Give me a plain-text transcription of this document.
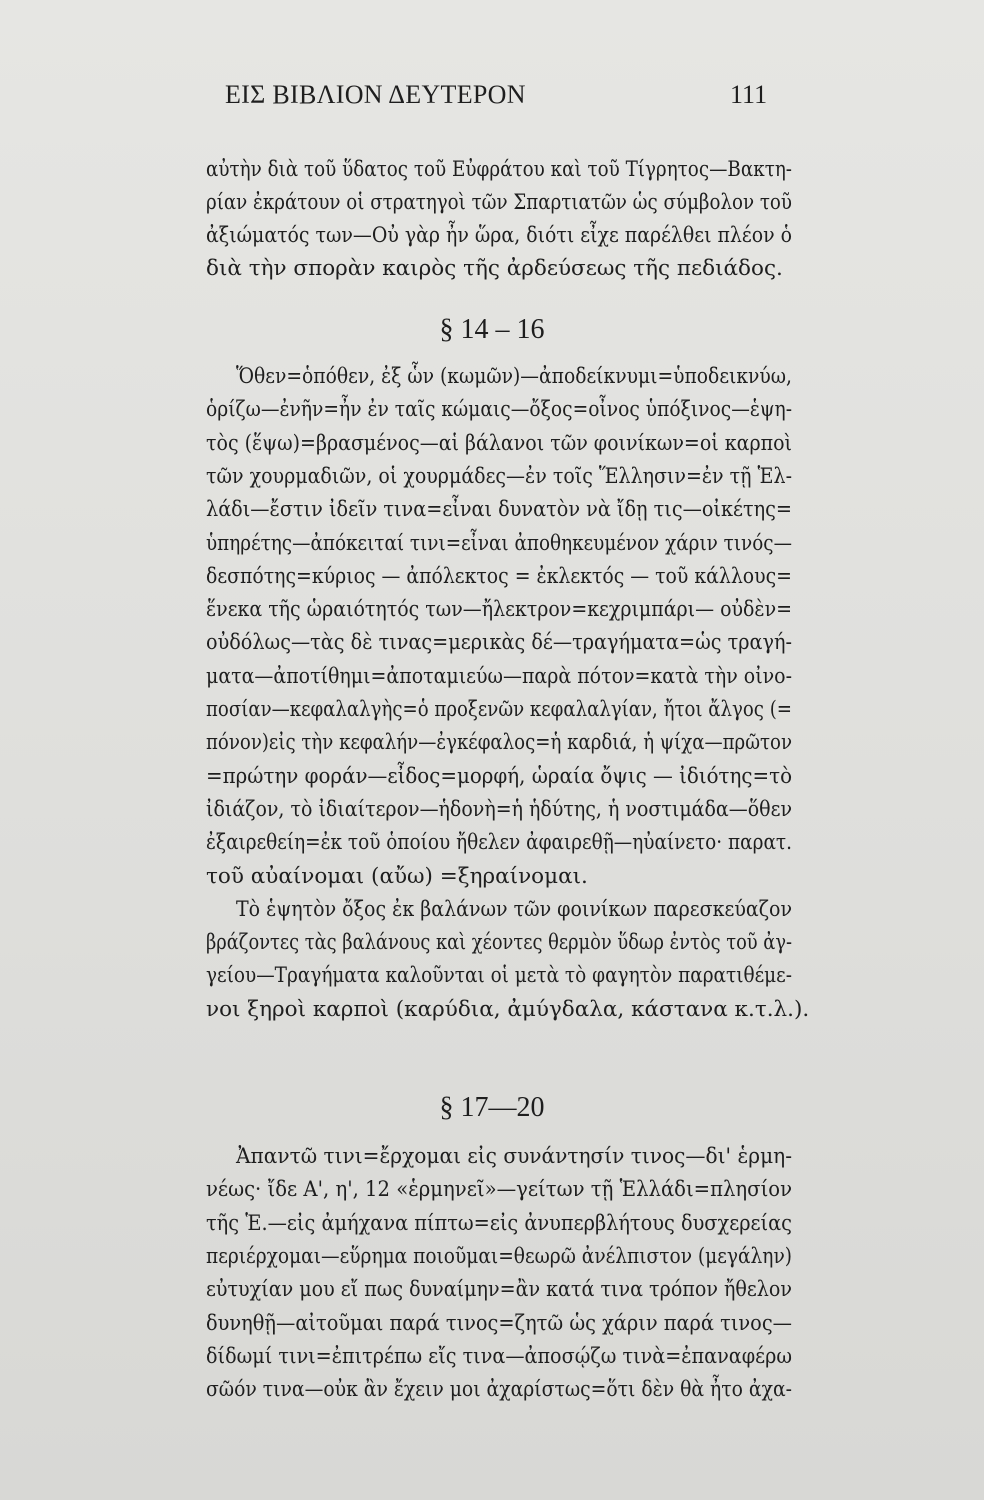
ΕΙΣ ΒΙΒΛΙΟΝ ΔΕΥΤΕΡΟΝ	111
αὐτὴν διὰ τοῦ ὕδατος τοῦ Εὐφράτου καὶ τοῦ Τίγρητος—Βακτη-
ρίαν ἐκράτουν οἱ στρατηγοὶ τῶν Σπαρτιατῶν ὡς σύμβολον τοῦ
ἀξιώματός των—Οὐ γὰρ ἦν ὥρα, διότι εἶχε παρέλθει πλέον ὁ
διὰ τὴν σπορὰν καιρὸς τῆς ἀρδεύσεως τῆς πεδιάδος.
§ 14 – 16
Ὅθεν=ὁπόθεν, ἐξ ὧν (κωμῶν)—ἀποδείκνυμι=ὑποδεικνύω,
ὁρίζω—ἐνῆν=ἦν ἐν ταῖς κώμαις—ὄξος=οἶνος ὑπόξινος—ἑψη-
τὸς (ἕψω)=βρασμένος—αἱ βάλανοι τῶν φοινίκων=οἱ καρποὶ
τῶν χουρμαδιῶν, οἱ χουρμάδες—ἐν τοῖς Ἕλλησιν=ἐν τῇ Ἑλ-
λάδι—ἔστιν ἰδεῖν τινα=εἶναι δυνατὸν νὰ ἴδῃ τις—οἰκέτης=
ὑπηρέτης—ἀπόκειταί τινι=εἶναι ἀποθηκευμένον χάριν τινός—
δεσπότης=κύριος — ἀπόλεκτος = ἐκλεκτός — τοῦ κάλλους=
ἕνεκα τῆς ὡραιότητός των—ἤλεκτρον=κεχριμπάρι— οὐδὲν=
οὐδόλως—τὰς δὲ τινας=μερικὰς δέ—τραγήματα=ὡς τραγή-
ματα—ἀποτίθημι=ἀποταμιεύω—παρὰ πότον=κατὰ τὴν οἰνο-
ποσίαν—κεφαλαλγὴς=ὁ προξενῶν κεφαλαλγίαν, ἤτοι ἄλγος (=
πόνον)εἰς τὴν κεφαλήν—ἐγκέφαλος=ἡ καρδιά, ἡ ψίχα—πρῶτον
=πρώτην φοράν—εἶδος=μορφή, ὡραία ὄψις — ἰδιότης=τὸ
ἰδιάζον, τὸ ἰδιαίτερον—ἡδονὴ=ἡ ἡδύτης, ἡ νοστιμάδα—ὅθεν
ἐξαιρεθείη=ἐκ τοῦ ὁποίου ἤθελεν ἀφαιρεθῇ—ηὐαίνετο· παρατ.
τοῦ αὐαίνομαι (αὔω) =ξηραίνομαι.
Τὸ ἑψητὸν ὄξος ἐκ βαλάνων τῶν φοινίκων παρεσκεύαζον
βράζοντες τὰς βαλάνους καὶ χέοντες θερμὸν ὕδωρ ἐντὸς τοῦ ἀγ-
γείου—Τραγήματα καλοῦνται οἱ μετὰ τὸ φαγητὸν παρατιθέμε-
νοι ξηροὶ καρποὶ (καρύδια, ἀμύγδαλα, κάστανα κ.τ.λ.).
§ 17—20
Ἀπαντῶ τινι=ἔρχομαι εἰς συνάντησίν τινος—δι' ἑρμη-
νέως· ἴδε Α', η', 12 «ἑρμηνεῖ»—γείτων τῇ Ἑλλάδι=πλησίον
τῆς Ἑ.—εἰς ἀμήχανα πίπτω=εἰς ἀνυπερβλήτους δυσχερείας
περιέρχομαι—εὕρημα ποιοῦμαι=θεωρῶ ἀνέλπιστον (μεγάλην)
εὐτυχίαν μου εἴ πως δυναίμην=ἂν κατά τινα τρόπον ἤθελον
δυνηθῇ—αἰτοῦμαι παρά τινος=ζητῶ ὡς χάριν παρά τινος—
δίδωμί τινι=ἐπιτρέπω εἴς τινα—ἀποσῴζω τινὰ=ἐπαναφέρω
σῶόν τινα—οὐκ ἂν ἔχειν μοι ἀχαρίστως=ὅτι δὲν θὰ ἦτο ἀχα-
